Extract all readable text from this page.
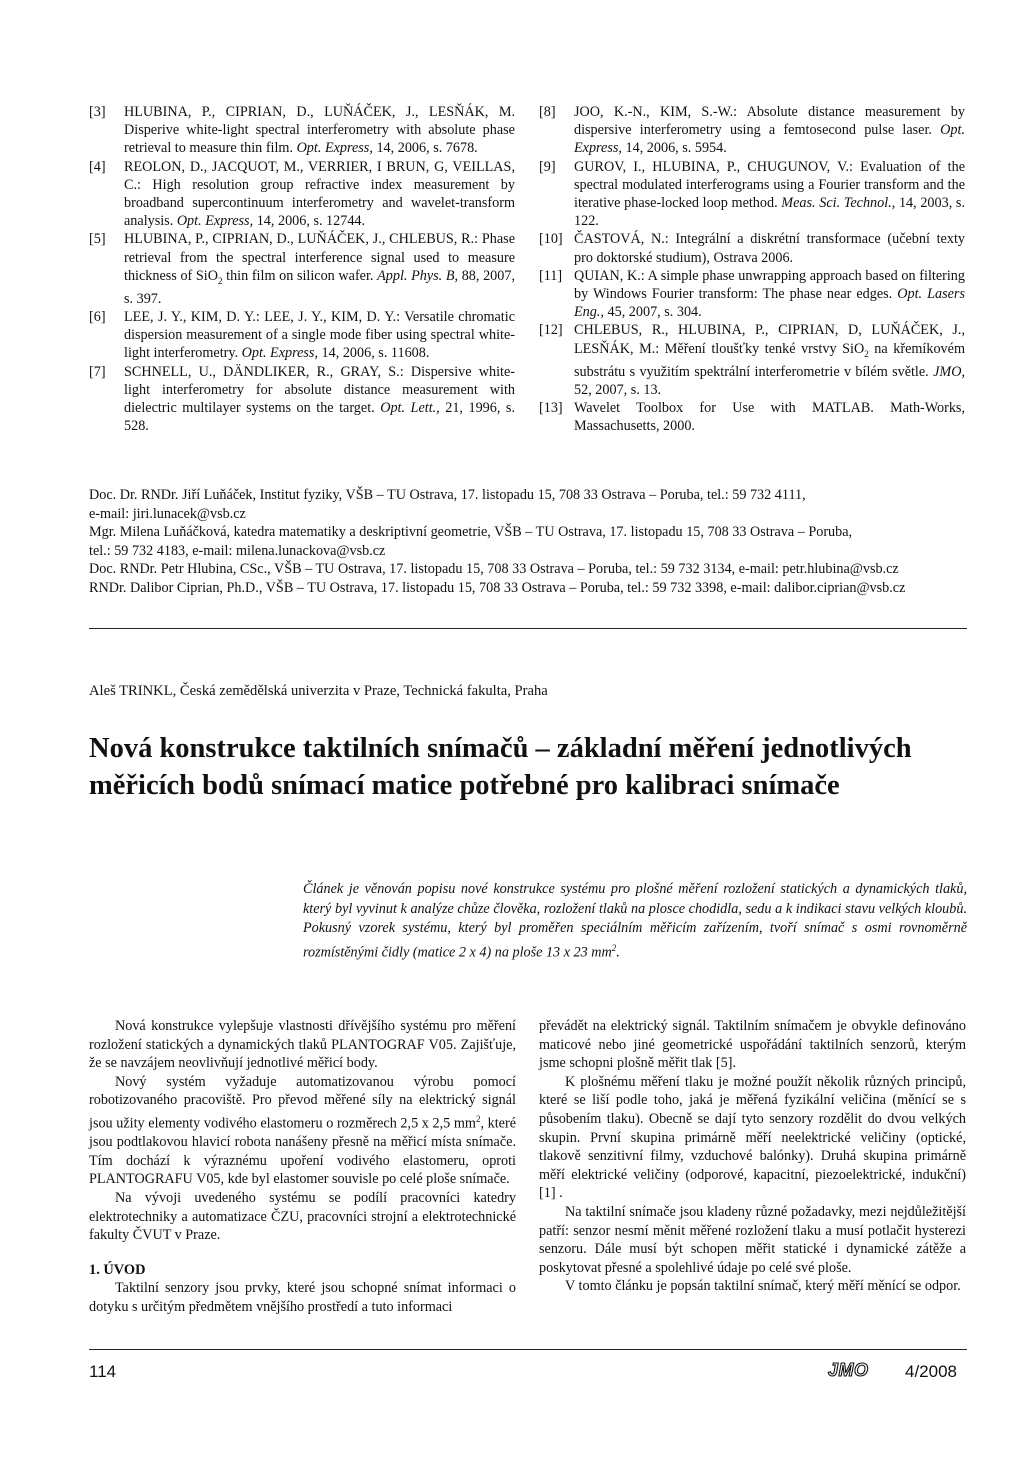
[3] HLUBINA, P., CIPRIAN, D., LUŇÁČEK, J., LESŇÁK, M. Disperive white-light spectral interferometry with absolute phase retrieval to measure thin film. Opt. Express, 14, 2006, s. 7678.

[4] REOLON, D., JACQUOT, M., VERRIER, I BRUN, G, VEILLAS, C.: High resolution group refractive index measurement by broadband supercontinuum interferometry and wavelet-transform analysis. Opt. Express, 14, 2006, s. 12744.

[5] HLUBINA, P., CIPRIAN, D., LUŇÁČEK, J., CHLEBUS, R.: Phase retrieval from the spectral interference signal used to measure thickness of SiO$_2$ thin film on silicon wafer. Appl. Phys. B, 88, 2007, s. 397.

[6] LEE, J. Y., KIM, D. Y.: LEE, J. Y., KIM, D. Y.: Versatile chromatic dispersion measurement of a single mode fiber using spectral white-light interferometry. Opt. Express, 14, 2006, s. 11608.

[7] SCHNELL, U., DÄNDLIKER, R., GRAY, S.: Dispersive white-light interferometry for absolute distance measurement with dielectric multilayer systems on the target. Opt. Lett., 21, 1996, s. 528.

[8] JOO, K.-N., KIM, S.-W.: Absolute distance measurement by dispersive interferometry using a femtosecond pulse laser. Opt. Express, 14, 2006, s. 5954.

[9] GUROV, I., HLUBINA, P., CHUGUNOV, V.: Evaluation of the spectral modulated interferograms using a Fourier transform and the iterative phase-locked loop method. Meas. Sci. Technol., 14, 2003, s. 122.

[10] ČASTOVÁ, N.: Integrální a diskrétní transformace (učební texty pro doktorské studium), Ostrava 2006.

[11] QUIAN, K.: A simple phase unwrapping approach based on filtering by Windows Fourier transform: The phase near edges. Opt. Lasers Eng., 45, 2007, s. 304.

[12] CHLEBUS, R., HLUBINA, P., CIPRIAN, D, LUŇÁČEK, J., LESŇÁK, M.: Měření tloušťky tenké vrstvy SiO$_2$ na křemíkovém substrátu s využitím spektrální interferometrie v bílém světle. JMO, 52, 2007, s. 13.

[13] Wavelet Toolbox for Use with MATLAB. Math-Works, Massachusetts, 2000.

Doc. Dr. RNDr. Jiří Luňáček, Institut fyziky, VŠB – TU Ostrava, 17. listopadu 15, 708 33 Ostrava – Poruba, tel.: 59 732 4111,

e-mail: jiri.lunacek@vsb.cz

Mgr. Milena Luňáčková, katedra matematiky a deskriptivní geometrie, VŠB – TU Ostrava, 17. listopadu 15, 708 33 Ostrava – Poruba,

tel.: 59 732 4183, e-mail: milena.lunackova@vsb.cz

Doc. RNDr. Petr Hlubina, CSc., VŠB – TU Ostrava, 17. listopadu 15, 708 33 Ostrava – Poruba, tel.: 59 732 3134, e-mail: petr.hlubina@vsb.cz

RNDr. Dalibor Ciprian, Ph.D., VŠB – TU Ostrava, 17. listopadu 15, 708 33 Ostrava – Poruba, tel.: 59 732 3398, e-mail: dalibor.ciprian@vsb.cz

Aleš TRINKL, Česká zemědělská univerzita v Praze, Technická fakulta, Praha
Nová konstrukce taktilních snímačů – základní měření jednotlivých
měřicích bodů snímací matice potřebné pro kalibraci snímače

Článek je věnován popisu nové konstrukce systému pro plošné měření rozložení statických a dynamických tlaků, který byl vyvinut k analýze chůze člověka, rozložení tlaků na plosce chodidla, sedu a k indikaci stavu velkých kloubů. Pokusný vzorek systému, který byl proměřen speciálním měřicím zařízením, tvoří snímač s osmi rovnoměrně rozmístěnými čidly (matice 2 x 4) na ploše 13 x 23 $mm^2$.

Nová konstrukce vylepšuje vlastnosti dřívějšího systému pro měření rozložení statických a dynamických tlaků PLANTOGRAF V05. Zajišťuje, že se navzájem neovlivňují jednotlivé měřicí body.

Nový systém vyžaduje automatizovanou výrobu pomocí robotizovaného pracoviště. Pro převod měřené síly na elektrický signál jsou užity elementy vodivého elastomeru o rozměrech 2,5 x 2,5 $mm^2$, které jsou podtlakovou hlavicí robota nanášeny přesně na měřicí místa snímače. Tím dochází k výraznému upoření vodivého elastomeru, oproti PLANTOGRAFU V05, kde byl elastomer souvisle po celé ploše snímače.

Na vývoji uvedeného systému se podílí pracovníci katedry elektrotechniky a automatizace ČZU, pracovníci strojní a elektrotechnické fakulty ČVUT v Praze.

1. ÚVOD

Taktilní senzory jsou prvky, které jsou schopné snímat informaci o dotyku s určitým předmětem vnějšího prostředí a tuto informaci

převádět na elektrický signál. Taktilním snímačem je obvykle definováno maticové nebo jiné geometrické uspořádání taktilních senzorů, kterým jsme schopni plošně měřit tlak [5].

K plošnému měření tlaku je možné použít několik různých principů, které se liší podle toho, jaká je měřená fyzikální veličina (měnící se s působením tlaku). Obecně se dají tyto senzory rozdělit do dvou velkých skupin. První skupina primárně měří neelektrické veličiny (optické, tlakově senzitivní filmy, vzduchové balónky). Druhá skupina primárně měří elektrické veličiny (odporové, kapacitní, piezoelektrické, indukční) [1] .

Na taktilní snímače jsou kladeny různé požadavky, mezi nejdůležitější patří: senzor nesmí měnit měřené rozložení tlaku a musí potlačit hysterezi senzoru. Dále musí být schopen měřit statické i dynamické zátěže a poskytovat přesné a spolehlivé údaje po celé své ploše.

V tomto článku je popsán taktilní snímač, který měří měnící se odpor.

114	JMO 4/2008
